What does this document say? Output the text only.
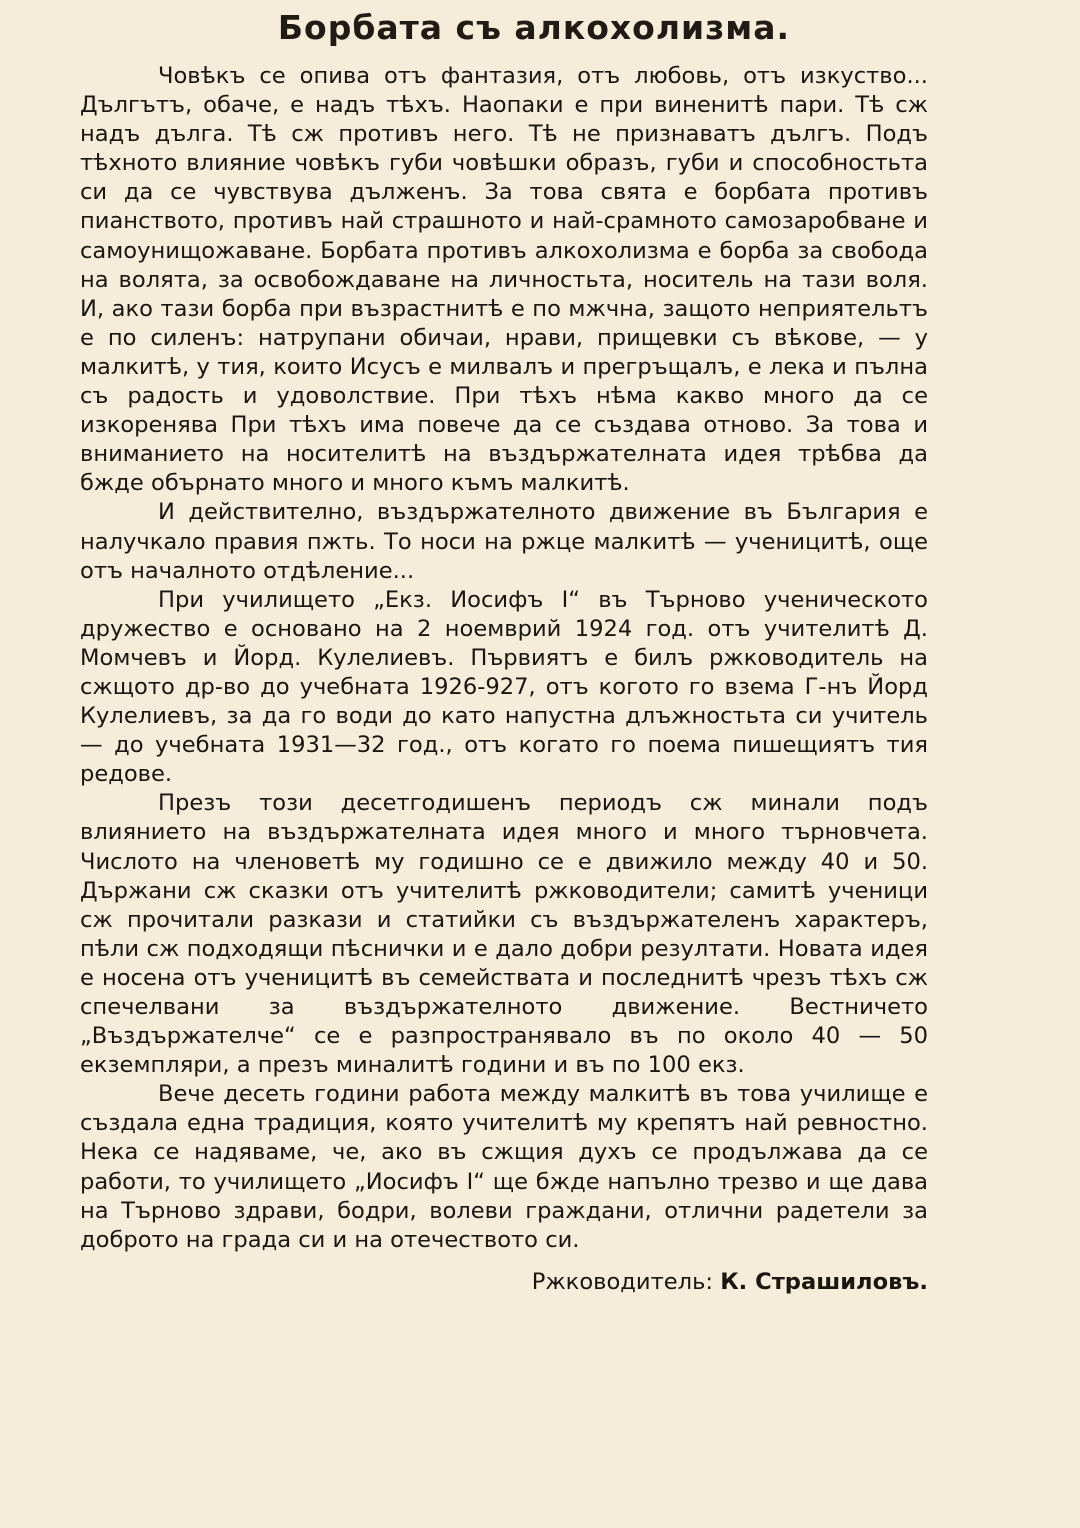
Борбата съ алкохолизма.

Човѣкъ се опива отъ фантазия, отъ любовь, отъ изкуство... Дългътъ, обаче, е надъ тѣхъ. Наопаки е при виненитѣ пари. Тѣ сж надъ дълга. Тѣ сж противъ него. Тѣ не признаватъ дългъ. Подъ тѣхното влияние човѣкъ губи човѣшки образъ, губи и способностьта си да се чувствува дълженъ. За това свята е борбата противъ пианството, противъ най страшното и най-срамното самозаробване и самоунищожаване. Борбата противъ алкохолизма е борба за свобода на волята, за освобождаване на личностьта, носитель на тази воля. И, ако тази борба при възрастнитѣ е по мжчна, защото неприятельтъ е по силенъ: натрупани обичаи, нрави, прищевки съ вѣкове, — у малкитѣ, у тия, които Исусъ е милвалъ и прегръщалъ, е лека и пълна съ радость и удоволствие. При тѣхъ нѣма какво много да се изкоренява При тѣхъ има повече да се създава отново. За това и вниманието на носителитѣ на въздържателната идея трѣбва да бжде обърнато много и много къмъ малкитѣ.

И действително, въздържателното движение въ България е налучкало правия пжть. То носи на ржце малкитѣ — ученицитѣ, още отъ началното отдѣление...

При училището „Екз. Иосифъ I“ въ Търново ученическото дружество е основано на 2 ноемврий 1924 год. отъ учителитѣ Д. Момчевъ и Йорд. Кулелиевъ. Първиятъ е билъ ржководитель на сжщото др-во до учебната 1926-927, отъ когото го взема Г-нъ Йорд Кулелиевъ, за да го води до като напустна длъжностьта си учитель — до учебната 1931—32 год., отъ когато го поема пишещиятъ тия редове.

Презъ този десетгодишенъ периодъ сж минали подъ влиянието на въздържателната идея много и много търновчета. Числото на членоветѣ му годишно се е движило между 40 и 50. Държани сж сказки отъ учителитѣ ржководители; самитѣ ученици сж прочитали разкази и статийки съ въздържателенъ характеръ, пѣли сж подходящи пѣснички и е дало добри резултати. Новата идея е носена отъ ученицитѣ въ семействата и последнитѣ чрезъ тѣхъ сж спечелвани за въздържателното движение. Вестничето „Въздържателче“ се е разпространявало въ по около 40 — 50 екземпляри, а презъ миналитѣ години и въ по 100 екз.

Вече десеть години работа между малкитѣ въ това училище е създала една традиция, която учителитѣ му крепятъ най ревностно. Нека се надяваме, че, ако въ сжщия духъ се продължава да се работи, то училището „Иосифъ I“ ще бжде напълно трезво и ще дава на Търново здрави, бодри, волеви граждани, отлични радетели за доброто на града си и на отечеството си.

Ржководитель: К. Страшиловъ.
